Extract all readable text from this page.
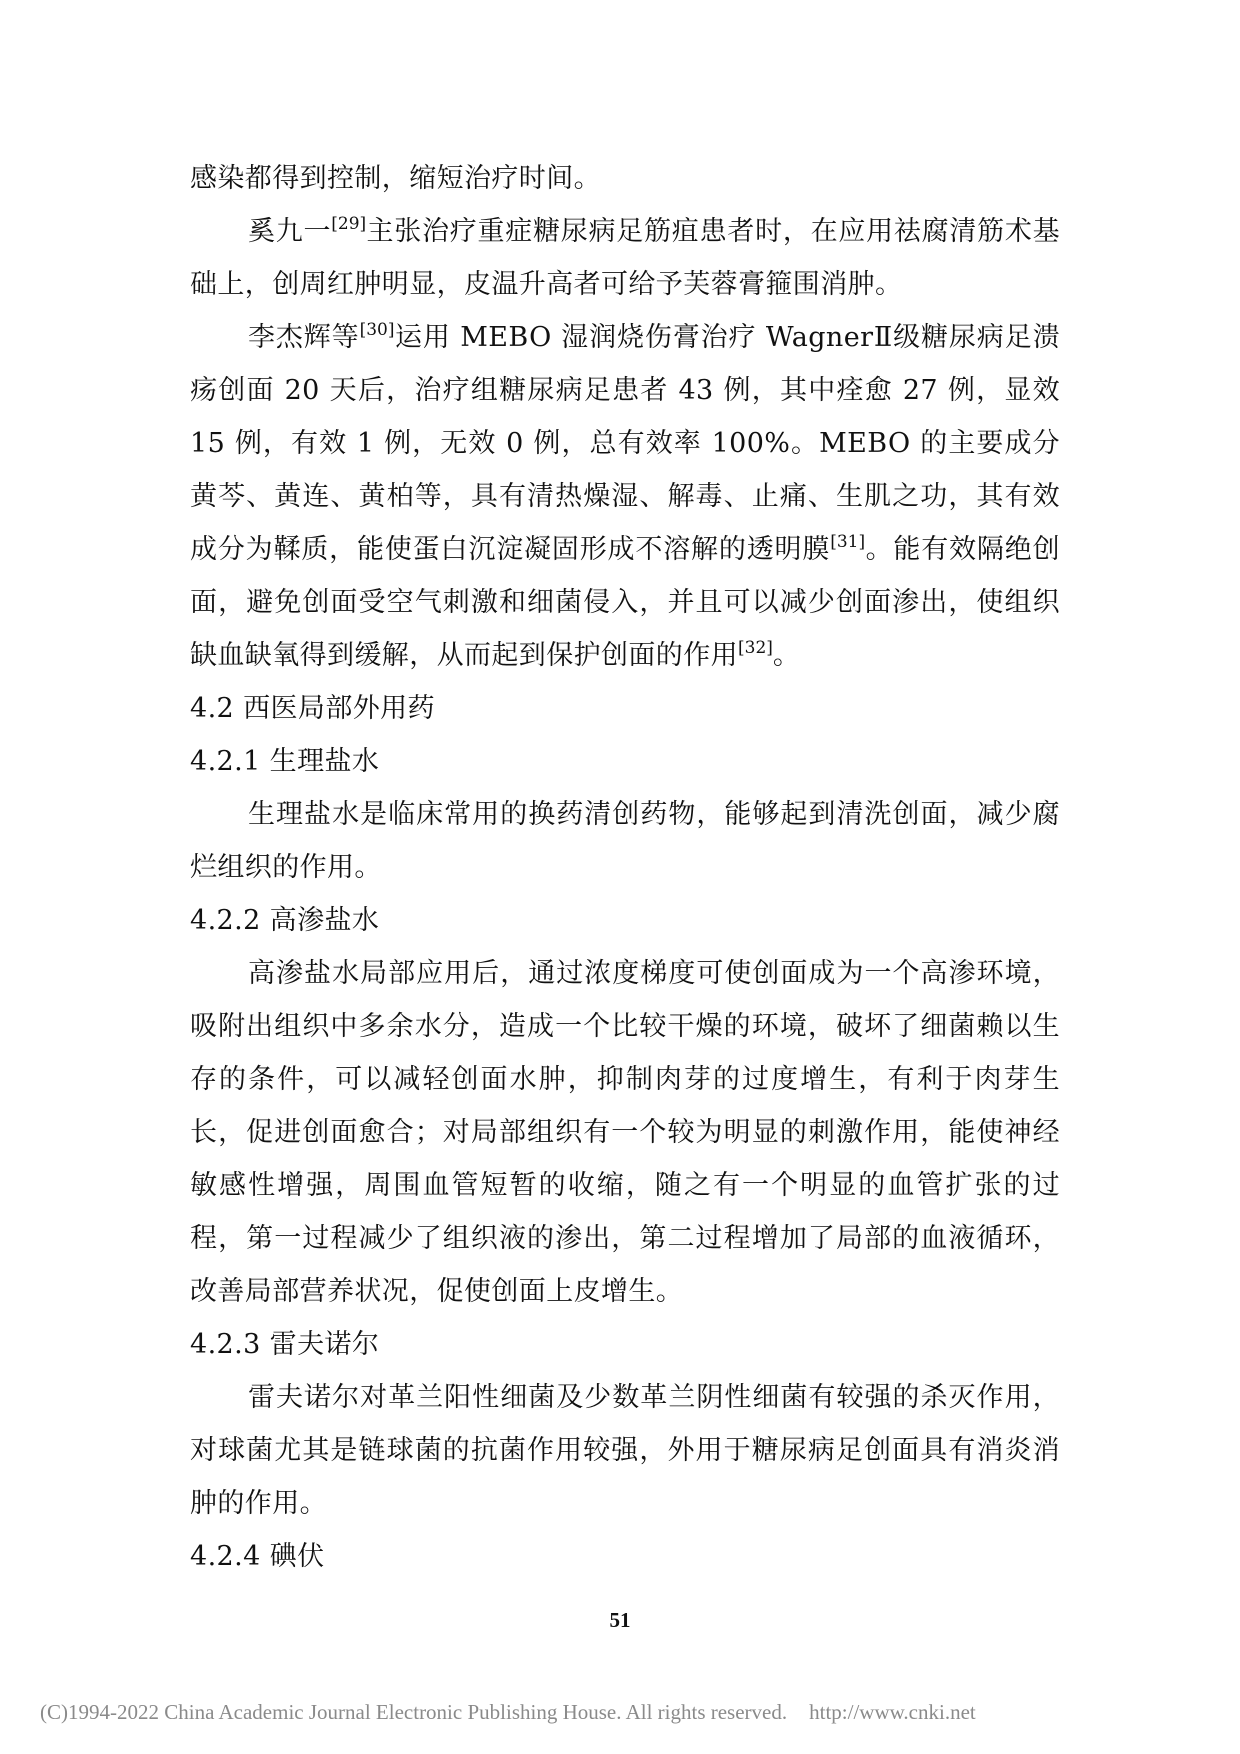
感染都得到控制，缩短治疗时间。

奚九一[29]主张治疗重症糖尿病足筋疽患者时，在应用祛腐清筋术基础上，创周红肿明显，皮温升高者可给予芙蓉膏箍围消肿。

李杰辉等[30]运用 MEBO 湿润烧伤膏治疗 WagnerⅡ级糖尿病足溃疡创面 20 天后，治疗组糖尿病足患者 43 例，其中痊愈 27 例，显效 15 例，有效 1 例，无效 0 例，总有效率 100%。MEBO 的主要成分黄芩、黄连、黄柏等，具有清热燥湿、解毒、止痛、生肌之功，其有效成分为鞣质，能使蛋白沉淀凝固形成不溶解的透明膜[31]。能有效隔绝创面，避免创面受空气刺激和细菌侵入，并且可以减少创面渗出，使组织缺血缺氧得到缓解，从而起到保护创面的作用[32]。

4.2 西医局部外用药

4.2.1 生理盐水

生理盐水是临床常用的换药清创药物，能够起到清洗创面，减少腐烂组织的作用。

4.2.2 高渗盐水

高渗盐水局部应用后，通过浓度梯度可使创面成为一个高渗环境，吸附出组织中多余水分，造成一个比较干燥的环境，破坏了细菌赖以生存的条件，可以减轻创面水肿，抑制肉芽的过度增生，有利于肉芽生长，促进创面愈合；对局部组织有一个较为明显的刺激作用，能使神经敏感性增强，周围血管短暂的收缩，随之有一个明显的血管扩张的过程，第一过程减少了组织液的渗出，第二过程增加了局部的血液循环，改善局部营养状况，促使创面上皮增生。

4.2.3 雷夫诺尔

雷夫诺尔对革兰阳性细菌及少数革兰阴性细菌有较强的杀灭作用，对球菌尤其是链球菌的抗菌作用较强，外用于糖尿病足创面具有消炎消肿的作用。

4.2.4 碘伏

51
(C)1994-2022 China Academic Journal Electronic Publishing House. All rights reserved. http://www.cnki.net
